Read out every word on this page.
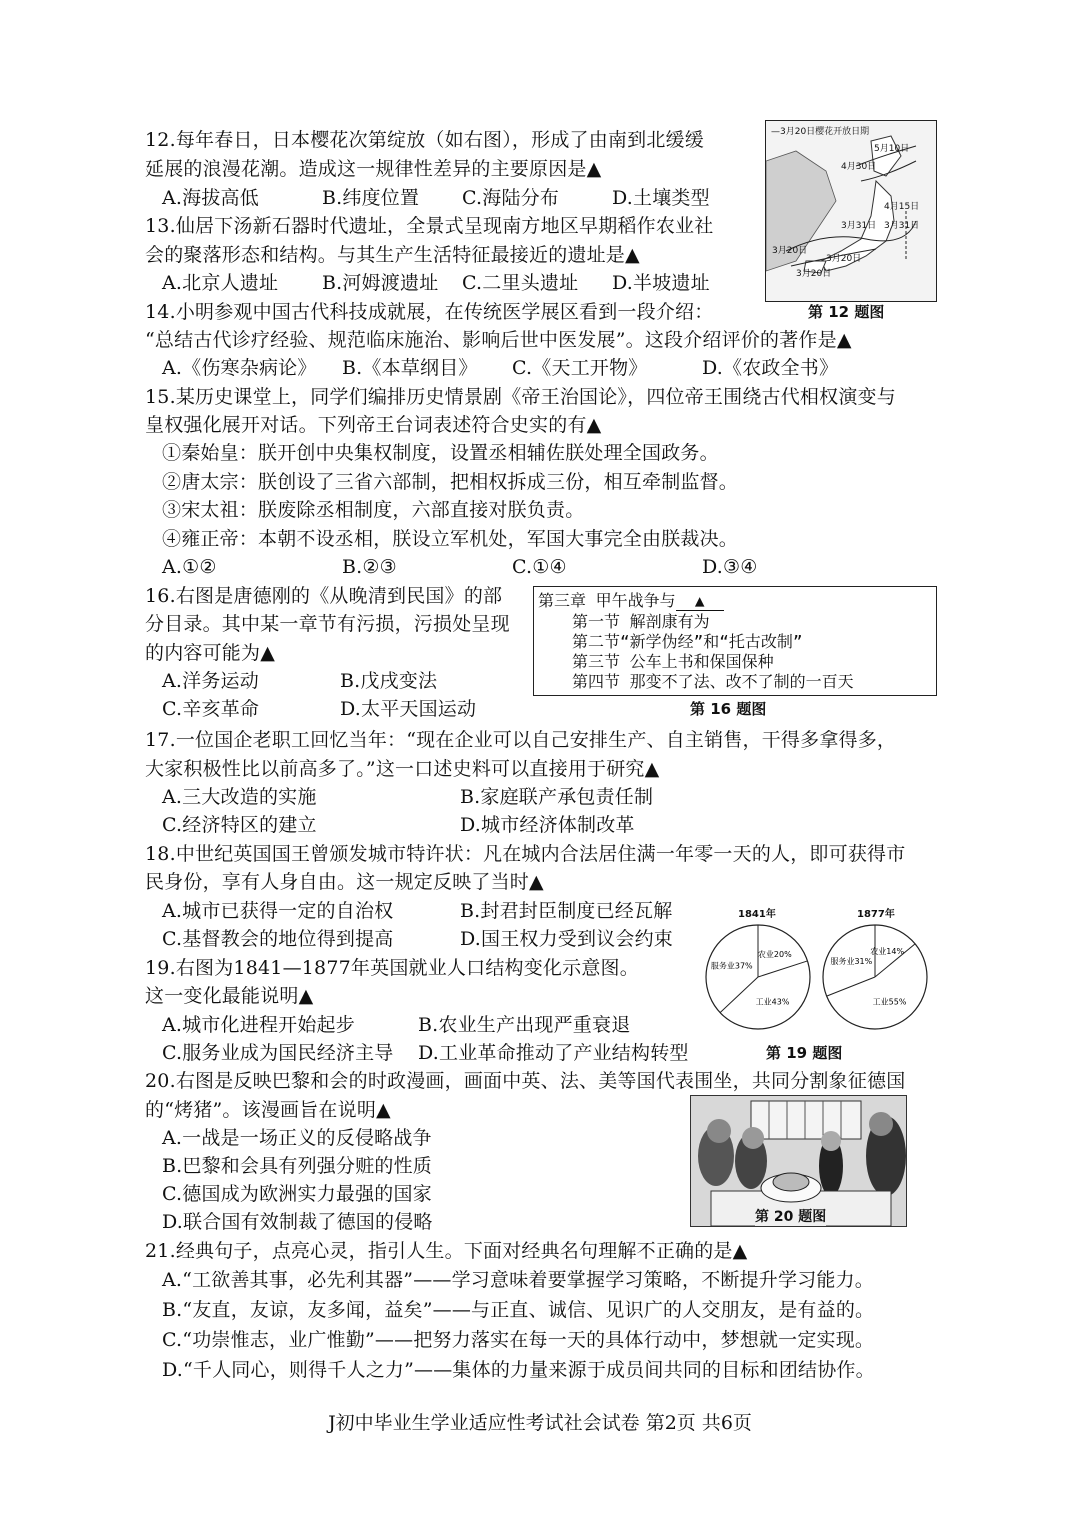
12.每年春日，日本樱花次第绽放（如右图），形成了由南到北缓缓
延展的浪漫花潮。造成这一规律性差异的主要原因是▲
A.海拔高低	B.纬度位置 C.海陆分布	D.土壤类型
—3月20日樱花开放日期
5月10日
4月30日
4月15日
3月31日 3月31日
3月20日
3月20日
3月20日
第 12 题图
13.仙居下汤新石器时代遗址，全景式呈现南方地区早期稻作农业社
会的聚落形态和结构。与其生产生活特征最接近的遗址是▲
A.北京人遗址 B.河姆渡遗址 C.二里头遗址 D.半坡遗址
14.小明参观中国古代科技成就展，在传统医学展区看到一段介绍：
“总结古代诊疗经验、规范临床施治、影响后世中医发展”。这段介绍评价的著作是▲
A.《伤寒杂病论》 B.《本草纲目》 C.《天工开物》	D.《农政全书》
15.某历史课堂上，同学们编排历史情景剧《帝王治国论》，四位帝王围绕古代相权演变与
皇权强化展开对话。下列帝王台词表述符合史实的有▲
①秦始皇：朕开创中央集权制度，设置丞相辅佐朕处理全国政务。
②唐太宗：朕创设了三省六部制，把相权拆成三份，相互牵制监督。
③宋太祖：朕废除丞相制度，六部直接对朕负责。
④雍正帝：本朝不设丞相，朕设立军机处，军国大事完全由朕裁决。
A.①②	B.②③	C.①④	D.③④
16.右图是唐德刚的《从晚清到民国》的部
分目录。其中某一章节有污损，污损处呈现
的内容可能为▲
A.洋务运动	B.戊戌变法
C.辛亥革命	D.太平天国运动
第三章 甲午战争与 ▲
第一节 解剖康有为
第二节“新学伪经”和“托古改制”
第三节 公车上书和保国保种
第四节 那变不了法、改不了制的一百天
第 16 题图
17.一位国企老职工回忆当年：“现在企业可以自己安排生产、自主销售，干得多拿得多，
大家积极性比以前高多了。”这一口述史料可以直接用于研究▲
A.三大改造的实施	B.家庭联产承包责任制
C.经济特区的建立	D.城市经济体制改革
18.中世纪英国国王曾颁发城市特许状：凡在城内合法居住满一年零一天的人，即可获得市
民身份，享有人身自由。这一规定反映了当时▲
A.城市已获得一定的自治权	B.封君封臣制度已经瓦解
C.基督教会的地位得到提高	D.国王权力受到议会约束
19.右图为1841—1877年英国就业人口结构变化示意图。
这一变化最能说明▲
A.城市化进程开始起步	B.农业生产出现严重衰退
C.服务业成为国民经济主导 D.工业革命推动了产业结构转型
1841年	1877年
农业20%
工业43%
服务业37%
农业14%
工业55%
服务业31%
第 19 题图
20.右图是反映巴黎和会的时政漫画，画面中英、法、美等国代表围坐，共同分割象征德国
的“烤猪”。该漫画旨在说明▲
A.一战是一场正义的反侵略战争
B.巴黎和会具有列强分赃的性质
C.德国成为欧洲实力最强的国家
D.联合国有效制裁了德国的侵略	第 20 题图
21.经典句子，点亮心灵，指引人生。下面对经典名句理解不正确的是▲
A.“工欲善其事，必先利其器”——学习意味着要掌握学习策略，不断提升学习能力。
B.“友直，友谅，友多闻，益矣”——与正直、诚信、见识广的人交朋友，是有益的。
C.“功崇惟志，业广惟勤”——把努力落实在每一天的具体行动中，梦想就一定实现。
D.“千人同心，则得千人之力”——集体的力量来源于成员间共同的目标和团结协作。
J初中毕业生学业适应性考试社会试卷 第2页 共6页
